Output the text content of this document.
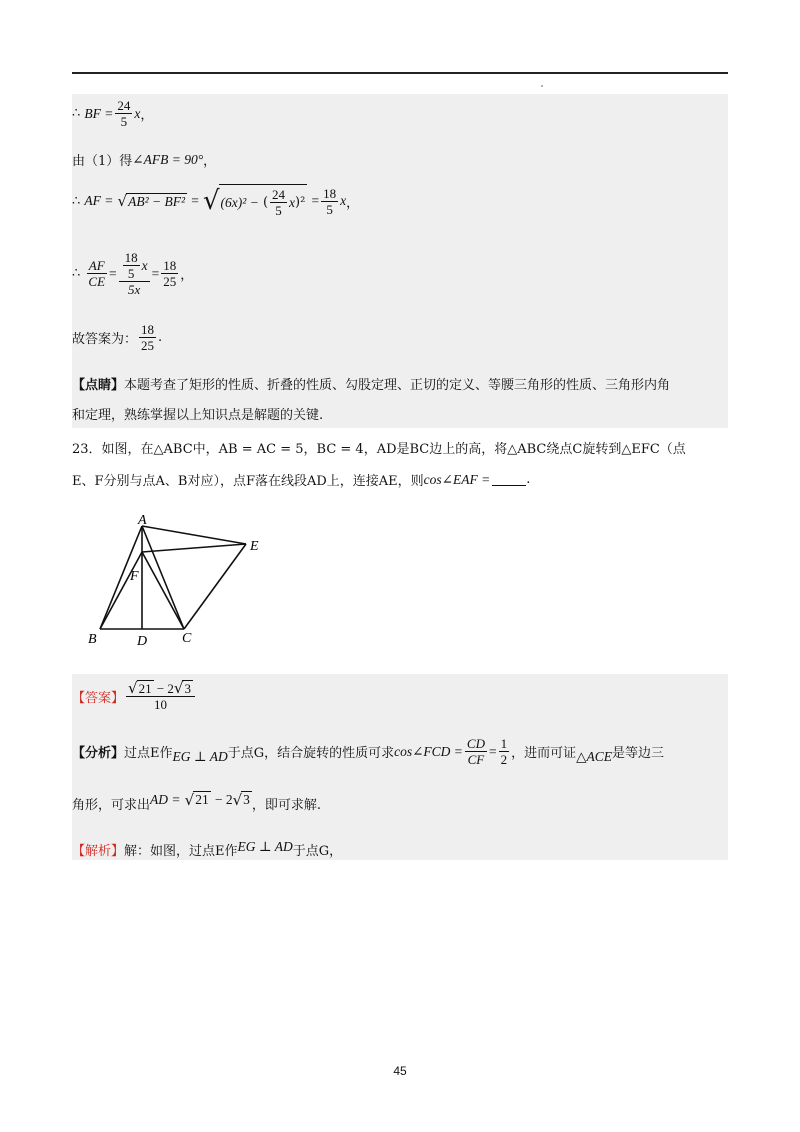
∴
BF = $\frac{24}{5}$ x ，
由（1）得 ∠AFB = 90° ，
∴
AF =
√ AB² − BF²
=
√ (6x)² − ( $\frac{24}{5}$ x )²
= $\frac{18}{5}$ x ，
∴
$\frac{AF}{CE} = 18$
5
x
$5x = \frac{18}{25}$ ，
故答案为：
18
25
.
【点睛】 本题考查了矩形的性质、折叠的性质、勾股定理、正切的定义、等腰三角形的性质、三角形内角
和定理，熟练掌握以上知识点是解题的关键.
23．如图，在△ABC中，AB = AC = 5，BC = 4，AD是BC边上的高，将△ABC绕点C旋转到△EFC（点
E、F分别与点A、B对应），点F落在线段AD上，连接AE，则 cos∠EAF =	.
A
E
F
B	D C
【答案】
√ 21
− 2 √ 3
10
【分析】 过点E作 EG ⊥ AD 于点G，结合旋转的性质可求 cos∠FCD = $\frac{CD}{CF} = \frac{1}{2}$ ，进而可证 △ACE 是等边三
角形，可求出 AD =
√ 21
− 2 √ 3 ，即可求解.
【解析】 解：如图，过点E作 EG ⊥ AD 于点G，
45
